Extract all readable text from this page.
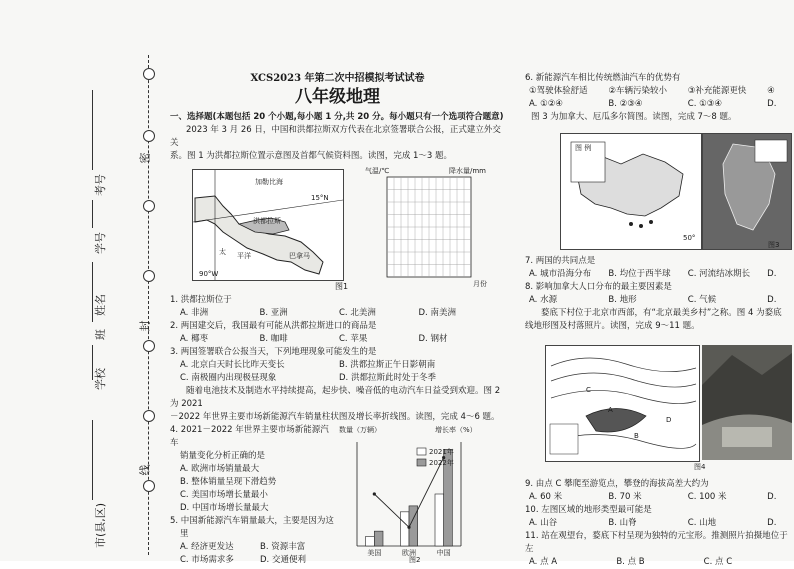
密
封
线
市(县,区)
学校
班
姓名
学号
考号
XCS2023 年第二次中招模拟考试试卷
八年级地理

一、选择题(本题包括 20 个小题,每小题 1 分,共 20 分。每小题只有一个选项符合题意)

2023 年 3 月 26 日，中国和洪都拉斯双方代表在北京签署联合公报，正式建立外交关

系。图 1 为洪都拉斯位置示意图及首都气候资料图。读图，完成 1～3 题。

加勒比海
15°N
洪都拉斯
太 平洋	巴拿马
90°W
气温/℃	降水量/mm
月份
图1

1. 洪都拉斯位于

A. 非洲	B. 亚洲	C. 北美洲	D. 南美洲

2. 两国建交后，我国最有可能从洪都拉斯进口的商品是

A. 椰枣	B. 咖啡	C. 苹果	D. 钢材

3. 两国签署联合公报当天，下列地理现象可能发生的是

A. 北京白天时长比昨天变长	B. 洪都拉斯正午日影朝南
C. 南极圈内出现极昼现象	D. 洪都拉斯此时处于冬季

随着电池技术及制造水平持续提高，起步快、噪音低的电动汽车日益受到欢迎。图 2 为 2021

－2022 年世界主要市场新能源汽车销量柱状图及增长率折线图。读图，完成 4～6 题。

4. 2021－2022 年世界主要市场新能源汽车

销量变化分析正确的是

A. 欧洲市场销量最大

B. 整体销量呈现下滑趋势

C. 美国市场增长量最小

D. 中国市场增长量最大

5. 中国新能源汽车销量最大，主要是因为这

里

A. 经济更发达	B. 资源丰富
C. 市场需求多	D. 交通便利
数量（万辆）	增长率（%）
美国	欧洲	中国
2021年
2022年
图2

6. 新能源汽车相比传统燃油汽车的优势有

①驾驶体验舒适	②车辆污染较小	③补充能源更快	④
A. ①②④	B. ②③④	C. ①③④	D.

图 3 为加拿大、厄瓜多尔简图。读图，完成 7～8 题。

图 例
50°
图3

7. 两国的共同点是

A. 城市沿海分布	B. 均位于西半球	C. 河流结冰期长	D.

8. 影响加拿大人口分布的最主要因素是

A. 水源	B. 地形	C. 气候	D.

婺底下村位于北京市西部，有“北京最美乡村”之称。图 4 为婺底

线地形图及村落照片。读图，完成 9～11 题。

A
B
C
D
图4

9. 由点 C 攀爬至游览点，攀登的海拔高差大约为

A. 60 米	B. 70 米	C. 100 米	D.

10. 左图区域的地形类型最可能是

A. 山谷	B. 山脊	C. 山地	D.

11. 站在观望台，婺底下村呈现为独特的元宝形。推测照片拍摄地位于左

A. 点 A	B. 点 B	C. 点 C
